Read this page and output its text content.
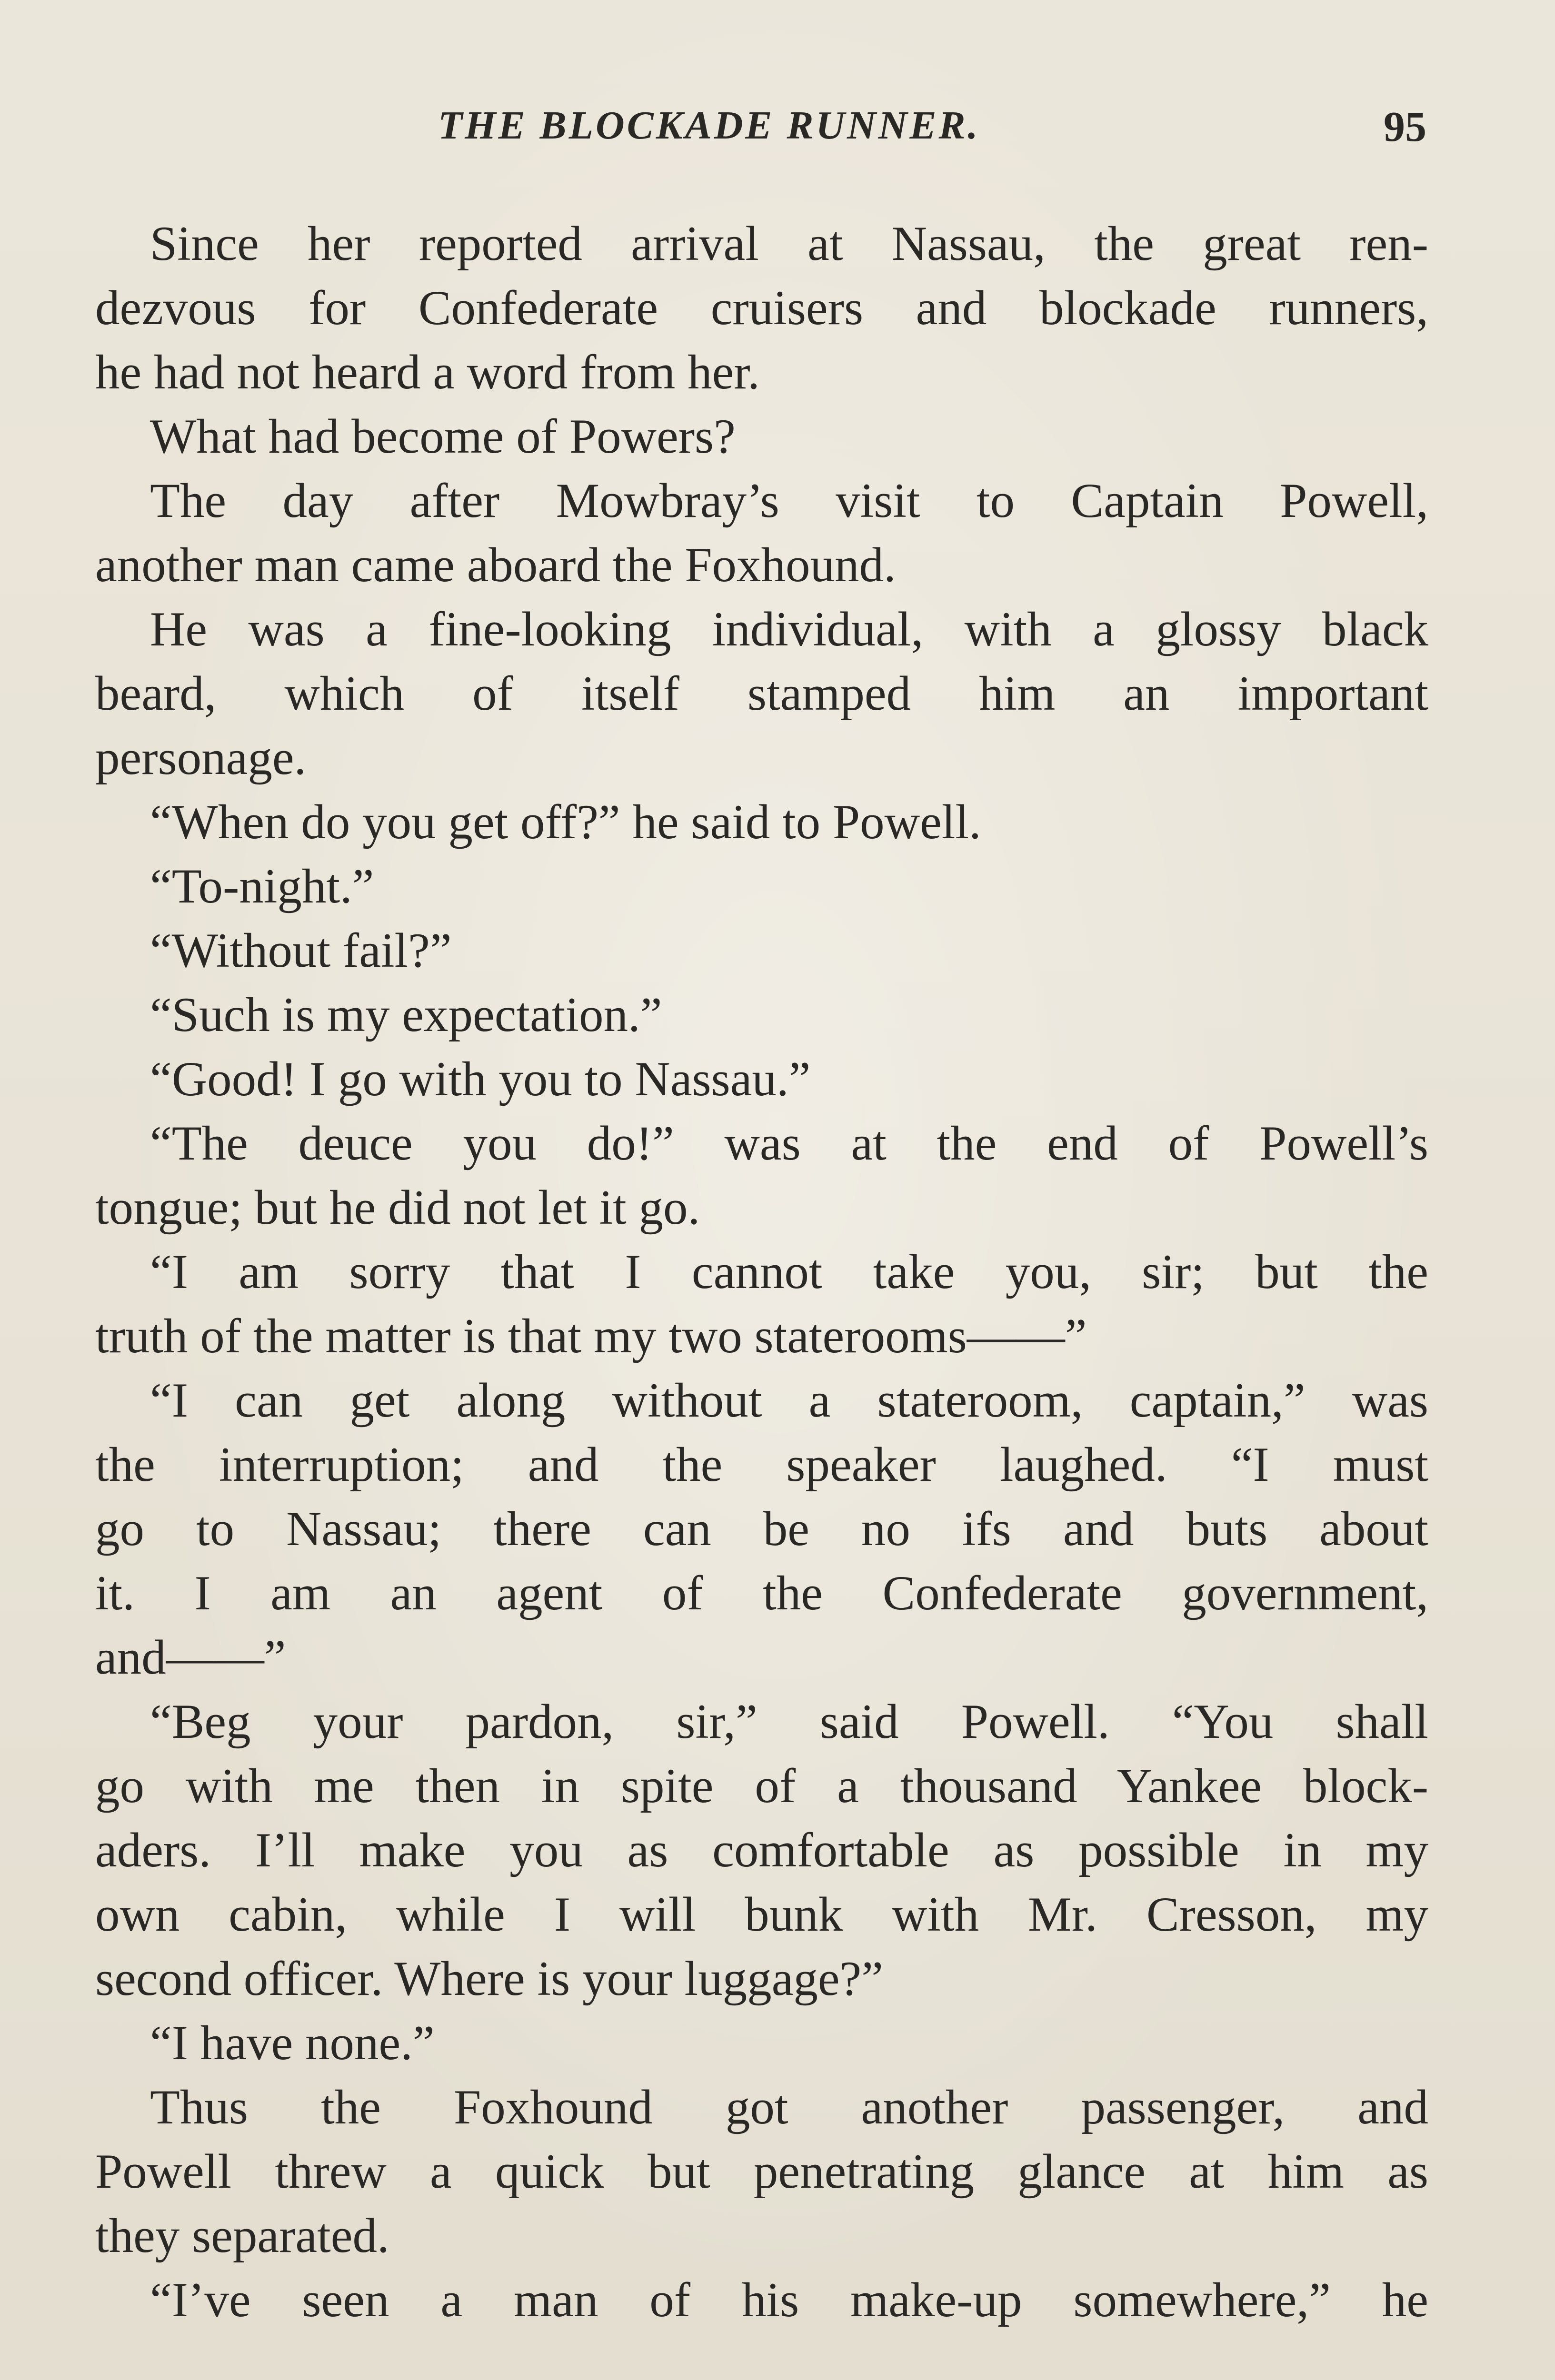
THE BLOCKADE RUNNER.	95
Since her reported arrival at Nassau, the great ren-
dezvous for Confederate cruisers and blockade runners,
he had not heard a word from her.
What had become of Powers?
The day after Mowbray’s visit to Captain Powell,
another man came aboard the Foxhound.
He was a fine-looking individual, with a glossy black
beard, which of itself stamped him an important
personage.
“When do you get off?” he said to Powell.
“To-night.”
“Without fail?”
“Such is my expectation.”
“Good! I go with you to Nassau.”
“The deuce you do!” was at the end of Powell’s
tongue; but he did not let it go.
“I am sorry that I cannot take you, sir; but the
truth of the matter is that my two staterooms——”
“I can get along without a stateroom, captain,” was
the interruption; and the speaker laughed. “I must
go to Nassau; there can be no ifs and buts about
it. I am an agent of the Confederate government,
and——”
“Beg your pardon, sir,” said Powell. “You shall
go with me then in spite of a thousand Yankee block-
aders. I’ll make you as comfortable as possible in my
own cabin, while I will bunk with Mr. Cresson, my
second officer. Where is your luggage?”
“I have none.”
Thus the Foxhound got another passenger, and
Powell threw a quick but penetrating glance at him as
they separated.
“I’ve seen a man of his make-up somewhere,” he
